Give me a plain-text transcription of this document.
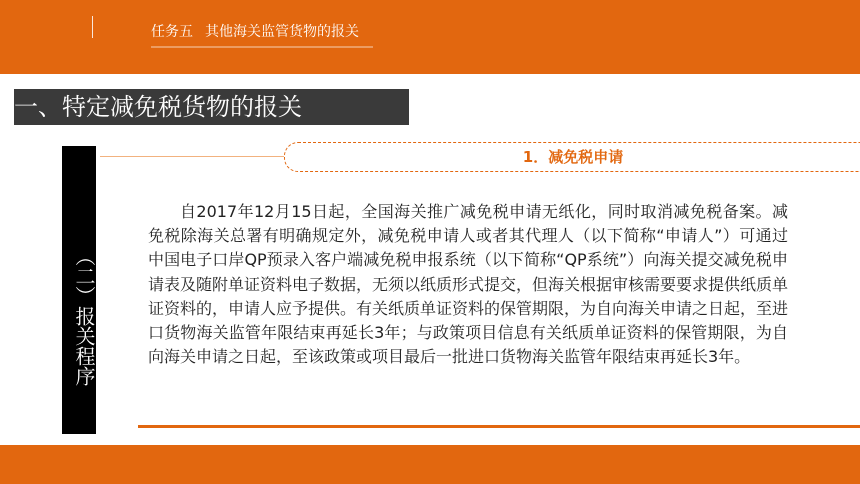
任务五 其他海关监管货物的报关
一、特定减免税货物的报关
（二）报关程序
1．减免税申请
自2017年12月15日起，全国海关推广减免税申请无纸化，同时取消减免税备案。减免税除海关总署有明确规定外，减免税申请人或者其代理人（以下简称“申请人”）可通过中国电子口岸QP预录入客户端减免税申报系统（以下简称“QP系统”）向海关提交减免税申请表及随附单证资料电子数据，无须以纸质形式提交，但海关根据审核需要要求提供纸质单证资料的，申请人应予提供。有关纸质单证资料的保管期限，为自向海关申请之日起，至进口货物海关监管年限结束再延长3年；与政策项目信息有关纸质单证资料的保管期限，为自向海关申请之日起，至该政策或项目最后一批进口货物海关监管年限结束再延长3年。
